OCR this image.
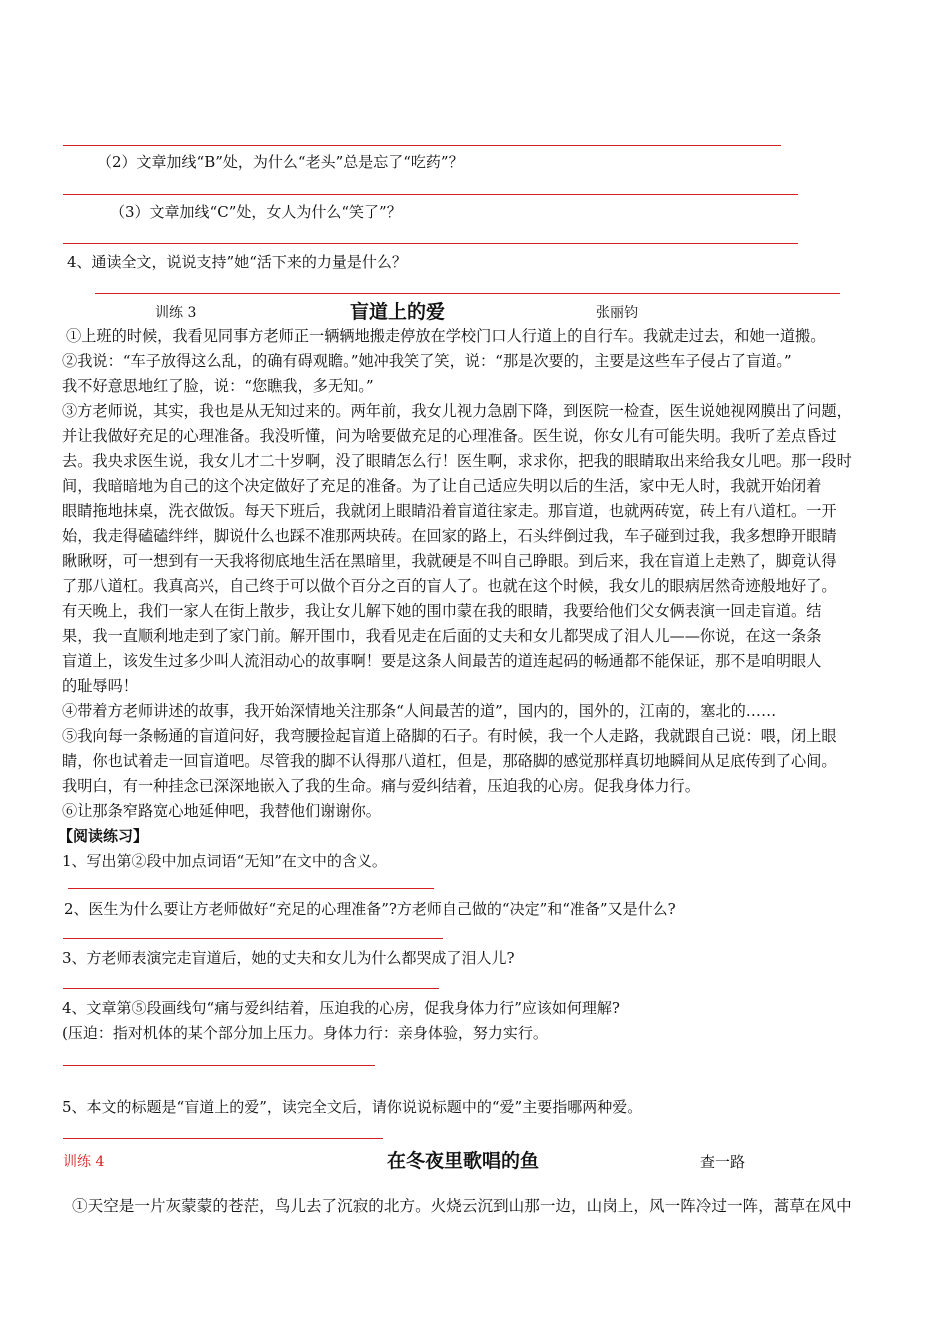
（2）文章加线“B”处，为什么“老头”总是忘了“吃药”？
（3）文章加线“C”处，女人为什么“笑了”？
4、通读全文，说说支持”她“活下来的力量是什么？
训练 3	盲道上的爱	张丽钧
①上班的时候，我看见同事方老师正一辆辆地搬走停放在学校门口人行道上的自行车。我就走过去，和她一道搬。
②我说：“车子放得这么乱，的确有碍观瞻。”她冲我笑了笑，说：“那是次要的，主要是这些车子侵占了盲道。”
我不好意思地红了脸，说：“您瞧我，多无知。”
③方老师说，其实，我也是从无知过来的。两年前，我女儿视力急剧下降，到医院一检查，医生说她视网膜出了问题，
并让我做好充足的心理准备。我没听懂，问为啥要做充足的心理准备。医生说，你女儿有可能失明。我听了差点昏过
去。我央求医生说，我女儿才二十岁啊，没了眼睛怎么行！医生啊，求求你，把我的眼睛取出来给我女儿吧。那一段时
间，我暗暗地为自己的这个决定做好了充足的准备。为了让自己适应失明以后的生活，家中无人时，我就开始闭着
眼睛拖地抹桌，洗衣做饭。每天下班后，我就闭上眼睛沿着盲道往家走。那盲道，也就两砖宽，砖上有八道杠。一开
始，我走得磕磕绊绊，脚说什么也踩不准那两块砖。在回家的路上，石头绊倒过我，车子碰到过我，我多想睁开眼睛
瞅瞅呀，可一想到有一天我将彻底地生活在黑暗里，我就硬是不叫自己睁眼。到后来，我在盲道上走熟了，脚竟认得
了那八道杠。我真高兴，自己终于可以做个百分之百的盲人了。也就在这个时候，我女儿的眼病居然奇迹般地好了。
有天晚上，我们一家人在街上散步，我让女儿解下她的围巾蒙在我的眼睛，我要给他们父女俩表演一回走盲道。结
果，我一直顺利地走到了家门前。解开围巾，我看见走在后面的丈夫和女儿都哭成了泪人儿——你说，在这一条条
盲道上，该发生过多少叫人流泪动心的故事啊！要是这条人间最苦的道连起码的畅通都不能保证，那不是咱明眼人
的耻辱吗！
④带着方老师讲述的故事，我开始深情地关注那条“人间最苦的道”，国内的，国外的，江南的，塞北的……
⑤我向每一条畅通的盲道问好，我弯腰捡起盲道上硌脚的石子。有时候，我一个人走路，我就跟自己说：喂，闭上眼
睛，你也试着走一回盲道吧。尽管我的脚不认得那八道杠，但是，那硌脚的感觉那样真切地瞬间从足底传到了心间。
我明白，有一种挂念已深深地嵌入了我的生命。痛与爱纠结着，压迫我的心房。促我身体力行。
⑥让那条窄路宽心地延伸吧，我替他们谢谢你。
【阅读练习】
1、写出第②段中加点词语“无知”在文中的含义。
2、医生为什么要让方老师做好“充足的心理准备”?方老师自己做的“决定”和“准备”又是什么?
3、方老师表演完走盲道后，她的丈夫和女儿为什么都哭成了泪人儿?
4、文章第⑤段画线句“痛与爱纠结着，压迫我的心房，促我身体力行”应该如何理解?
(压迫：指对机体的某个部分加上压力。身体力行：亲身体验，努力实行。
5、本文的标题是“盲道上的爱”，读完全文后，请你说说标题中的“爱”主要指哪两种爱。
训练 4	在冬夜里歌唱的鱼	查一路
①天空是一片灰蒙蒙的苍茫，鸟儿去了沉寂的北方。火烧云沉到山那一边，山岗上，风一阵冷过一阵，蒿草在风中
